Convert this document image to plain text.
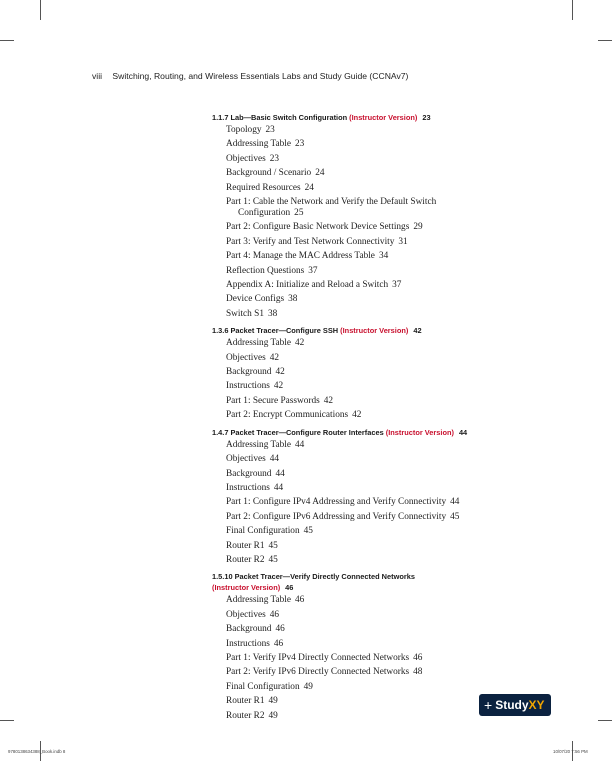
viii Switching, Routing, and Wireless Essentials Labs and Study Guide (CCNAv7)
1.1.7 Lab—Basic Switch Configuration (Instructor Version) 23
Topology 23
Addressing Table 23
Objectives 23
Background / Scenario 24
Required Resources 24
Part 1: Cable the Network and Verify the Default Switch
Configuration 25
Part 2: Configure Basic Network Device Settings 29
Part 3: Verify and Test Network Connectivity 31
Part 4: Manage the MAC Address Table 34
Reflection Questions 37
Appendix A: Initialize and Reload a Switch 37
Device Configs 38
Switch S1 38
1.3.6 Packet Tracer—Configure SSH (Instructor Version) 42
Addressing Table 42
Objectives 42
Background 42
Instructions 42
Part 1: Secure Passwords 42
Part 2: Encrypt Communications 42
1.4.7 Packet Tracer—Configure Router Interfaces (Instructor Version) 44
Addressing Table 44
Objectives 44
Background 44
Instructions 44
Part 1: Configure IPv4 Addressing and Verify Connectivity 44
Part 2: Configure IPv6 Addressing and Verify Connectivity 45
Final Configuration 45
Router R1 45
Router R2 45
1.5.10 Packet Tracer—Verify Directly Connected Networks
(Instructor Version) 46
Addressing Table 46
Objectives 46
Background 46
Instructions 46
Part 1: Verify IPv4 Directly Connected Networks 46
Part 2: Verify IPv6 Directly Connected Networks 48
Final Configuration 49
Router R1 49
Router R2 49
+ Study XY
9780138634388_Book.indb 8	10/07/20 7:56 PM
